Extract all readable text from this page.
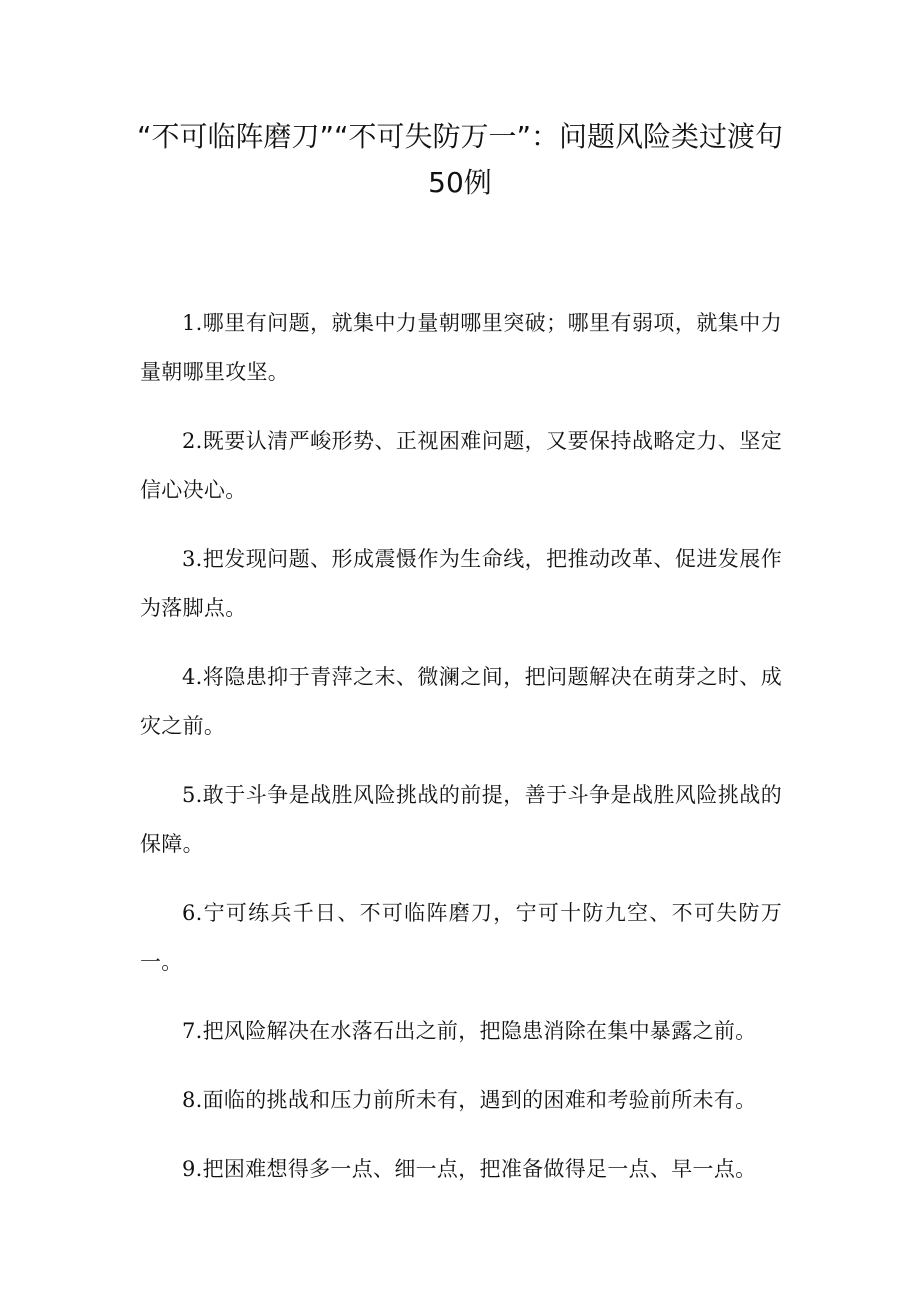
“不可临阵磨刀”“不可失防万一”：问题风险类过渡句50例

1.哪里有问题，就集中力量朝哪里突破；哪里有弱项，就集中力量朝哪里攻坚。

2.既要认清严峻形势、正视困难问题，又要保持战略定力、坚定信心决心。

3.把发现问题、形成震慑作为生命线，把推动改革、促进发展作为落脚点。

4.将隐患抑于青萍之末、微澜之间，把问题解决在萌芽之时、成灾之前。

5.敢于斗争是战胜风险挑战的前提，善于斗争是战胜风险挑战的保障。

6.宁可练兵千日、不可临阵磨刀，宁可十防九空、不可失防万一。

7.把风险解决在水落石出之前，把隐患消除在集中暴露之前。

8.面临的挑战和压力前所未有，遇到的困难和考验前所未有。

9.把困难想得多一点、细一点，把准备做得足一点、早一点。
